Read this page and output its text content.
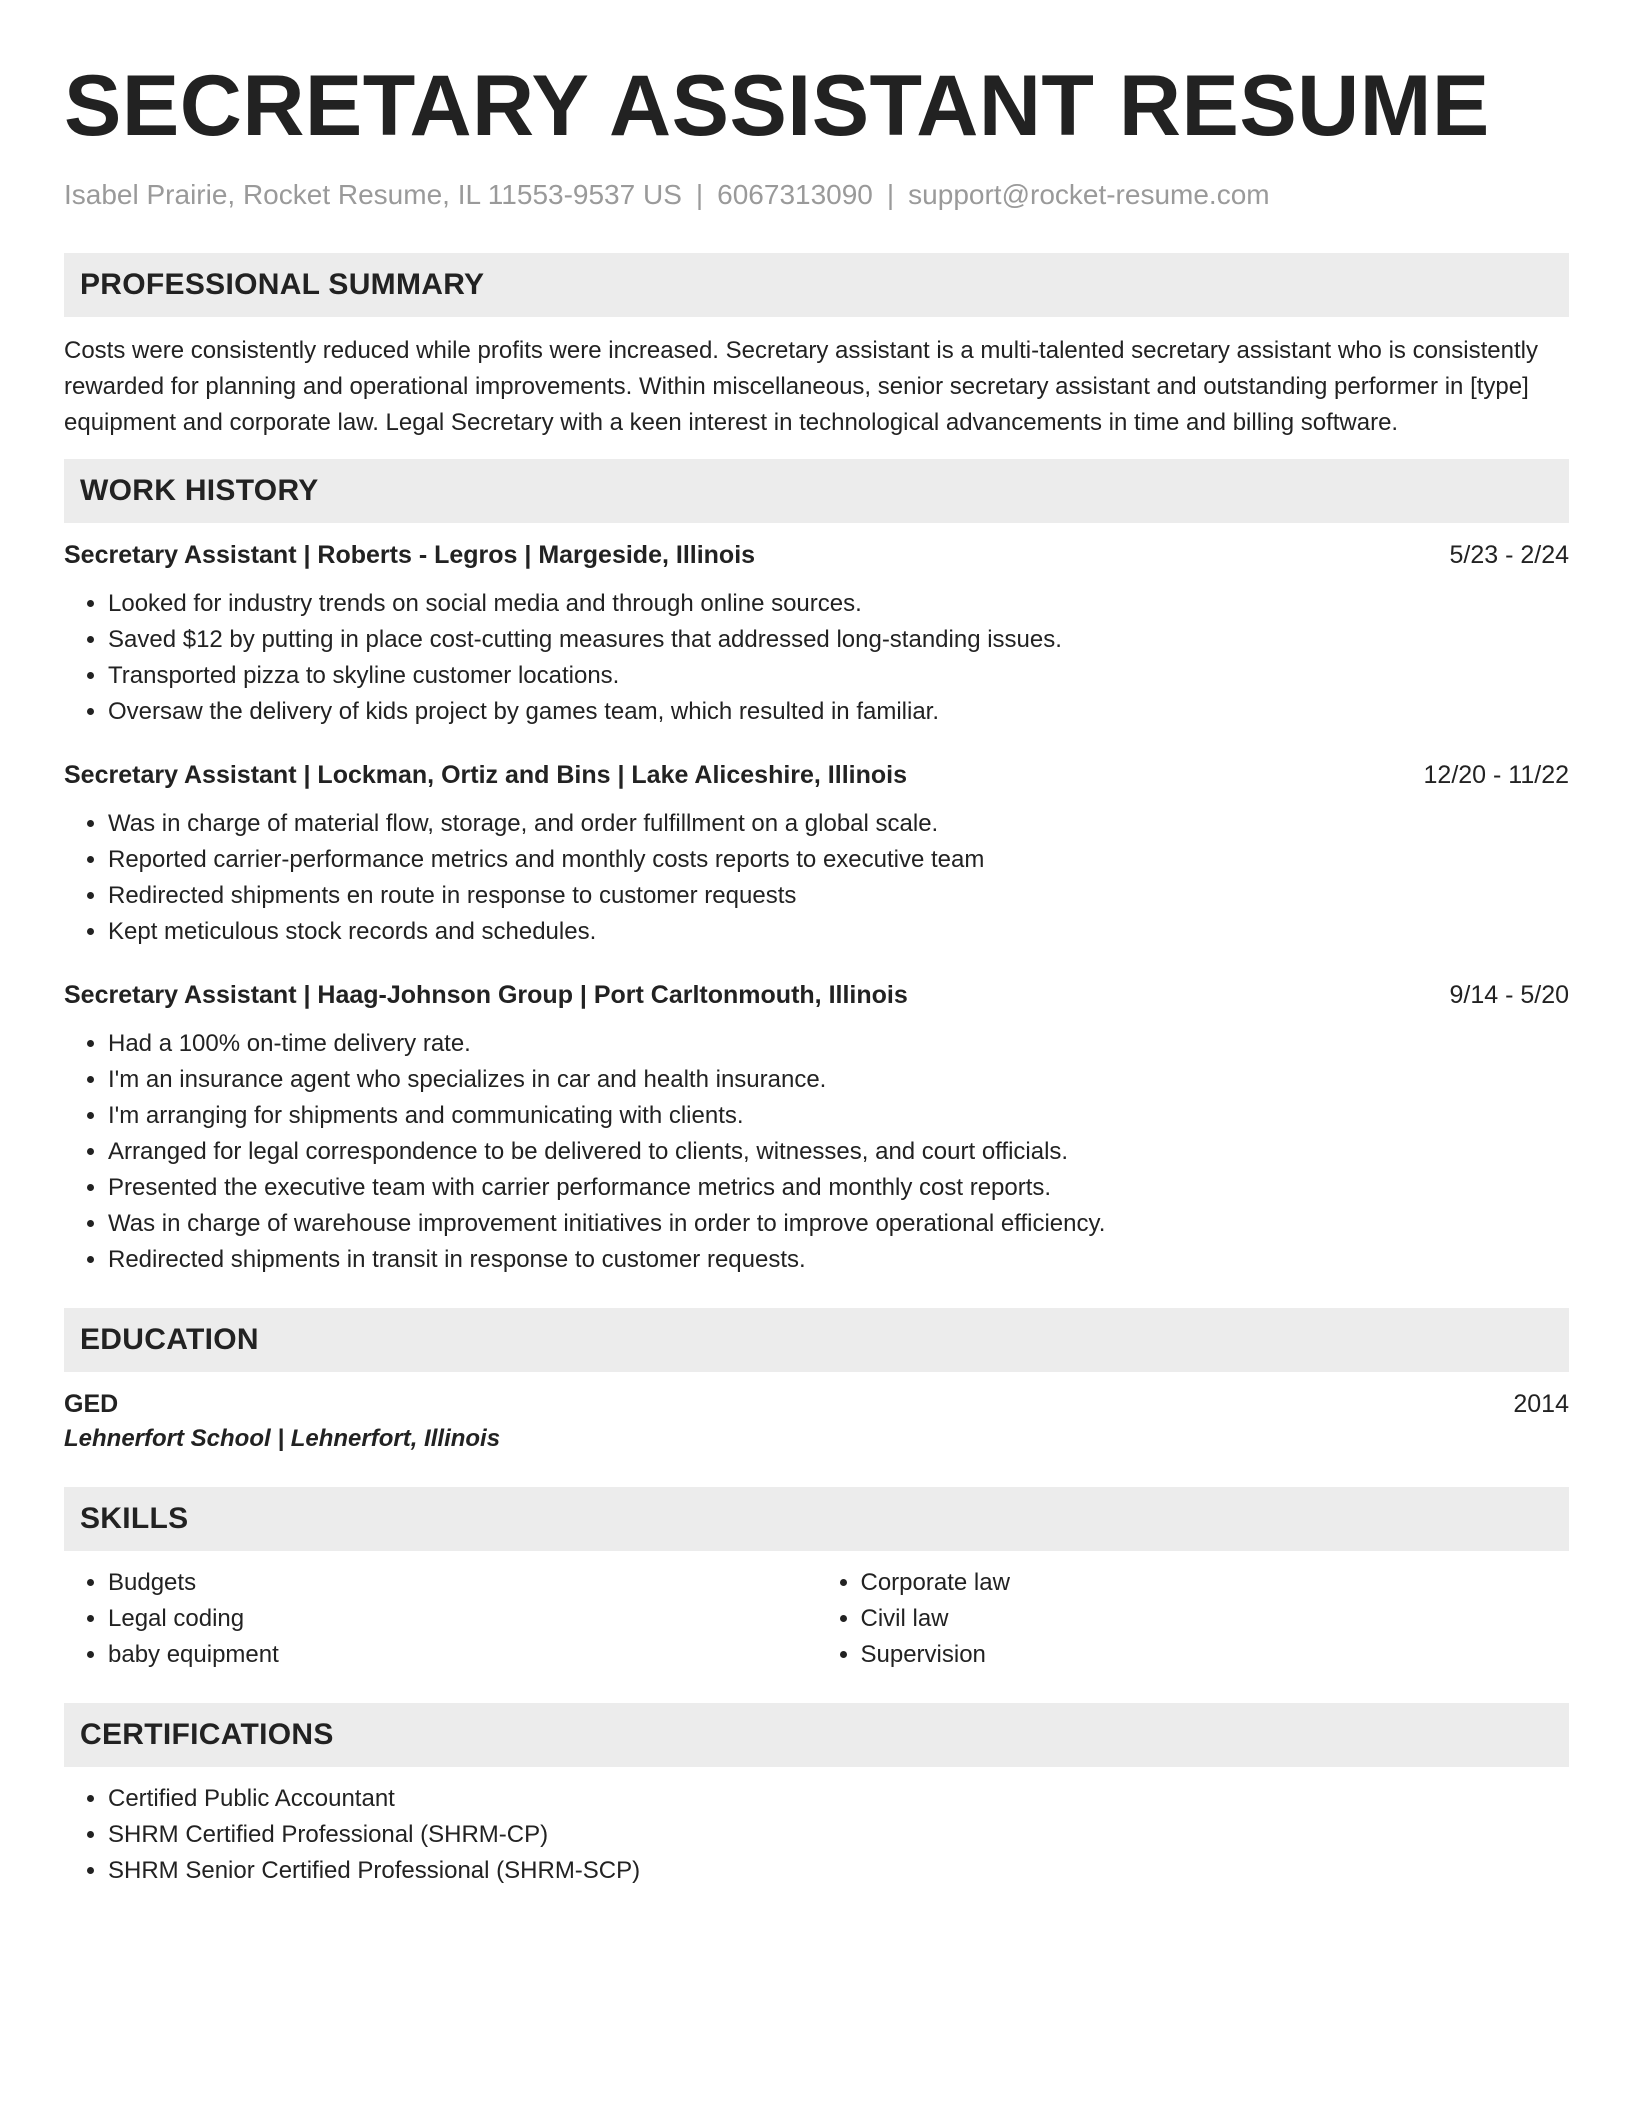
SECRETARY ASSISTANT RESUME
Isabel Prairie, Rocket Resume, IL 11553-9537 US | 6067313090 | support@rocket-resume.com
PROFESSIONAL SUMMARY

Costs were consistently reduced while profits were increased. Secretary assistant is a multi-talented secretary assistant who is consistently rewarded for planning and operational improvements. Within miscellaneous, senior secretary assistant and outstanding performer in [type] equipment and corporate law. Legal Secretary with a keen interest in technological advancements in time and billing software.

WORK HISTORY
Secretary Assistant | Roberts - Legros | Margeside, Illinois	5/23 - 2/24
• Looked for industry trends on social media and through online sources.
• Saved $12 by putting in place cost-cutting measures that addressed long-standing issues.
• Transported pizza to skyline customer locations.
• Oversaw the delivery of kids project by games team, which resulted in familiar.
Secretary Assistant | Lockman, Ortiz and Bins | Lake Aliceshire, Illinois	12/20 - 11/22
• Was in charge of material flow, storage, and order fulfillment on a global scale.
• Reported carrier-performance metrics and monthly costs reports to executive team
• Redirected shipments en route in response to customer requests
• Kept meticulous stock records and schedules.
Secretary Assistant | Haag-Johnson Group | Port Carltonmouth, Illinois	9/14 - 5/20
• Had a 100% on-time delivery rate.
• I'm an insurance agent who specializes in car and health insurance.
• I'm arranging for shipments and communicating with clients.
• Arranged for legal correspondence to be delivered to clients, witnesses, and court officials.
• Presented the executive team with carrier performance metrics and monthly cost reports.
• Was in charge of warehouse improvement initiatives in order to improve operational efficiency.
• Redirected shipments in transit in response to customer requests.
EDUCATION
GED	2014
Lehnerfort School | Lehnerfort, Illinois
SKILLS
• Budgets
• Legal coding
• baby equipment
• Corporate law
• Civil law
• Supervision
CERTIFICATIONS
• Certified Public Accountant
• SHRM Certified Professional (SHRM-CP)
• SHRM Senior Certified Professional (SHRM-SCP)
